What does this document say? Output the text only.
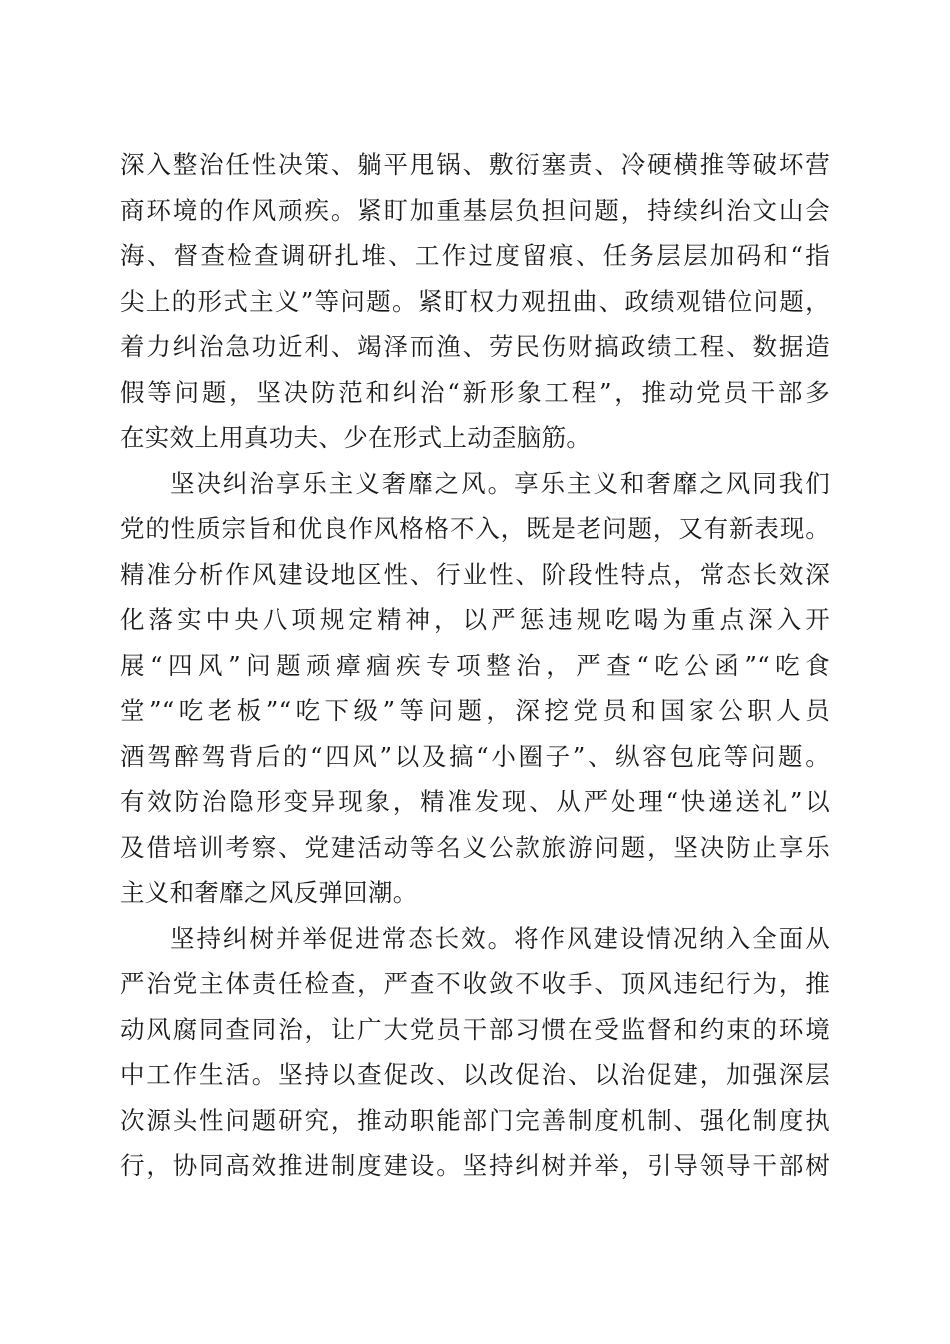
深入整治任性决策、躺平甩锅、敷衍塞责、冷硬横推等破坏营
商环境的作风顽疾。紧盯加重基层负担问题，持续纠治文山会
海、督查检查调研扎堆、工作过度留痕、任务层层加码和“指
尖上的形式主义”等问题。紧盯权力观扭曲、政绩观错位问题，
着力纠治急功近利、竭泽而渔、劳民伤财搞政绩工程、数据造
假等问题，坚决防范和纠治“新形象工程”，推动党员干部多
在实效上用真功夫、少在形式上动歪脑筋。
坚决纠治享乐主义奢靡之风。享乐主义和奢靡之风同我们
党的性质宗旨和优良作风格格不入，既是老问题，又有新表现。
精准分析作风建设地区性、行业性、阶段性特点，常态长效深
化落实中央八项规定精神，以严惩违规吃喝为重点深入开
展“四风”问题顽瘴痼疾专项整治，严查“吃公函”“吃食
堂”“吃老板”“吃下级”等问题，深挖党员和国家公职人员
酒驾醉驾背后的“四风”以及搞“小圈子”、纵容包庇等问题。
有效防治隐形变异现象，精准发现、从严处理“快递送礼”以
及借培训考察、党建活动等名义公款旅游问题，坚决防止享乐
主义和奢靡之风反弹回潮。
坚持纠树并举促进常态长效。将作风建设情况纳入全面从
严治党主体责任检查，严查不收敛不收手、顶风违纪行为，推
动风腐同查同治，让广大党员干部习惯在受监督和约束的环境
中工作生活。坚持以查促改、以改促治、以治促建，加强深层
次源头性问题研究，推动职能部门完善制度机制、强化制度执
行，协同高效推进制度建设。坚持纠树并举，引导领导干部树
